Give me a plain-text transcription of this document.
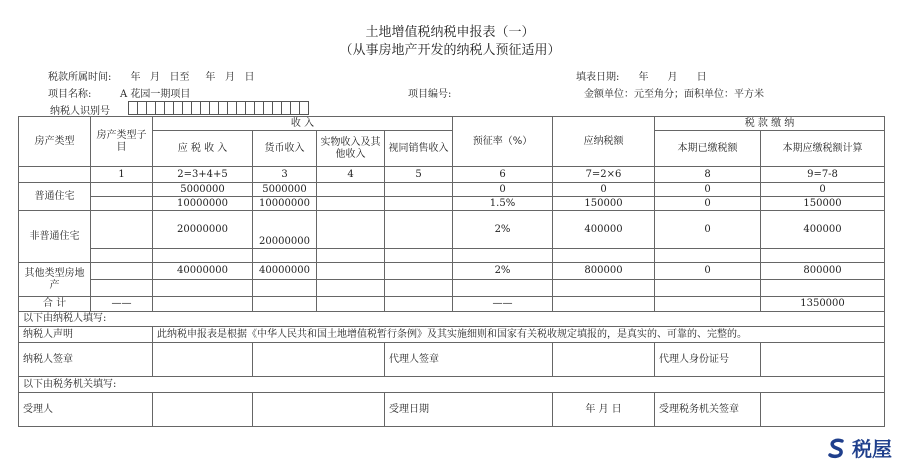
土地增值税纳税申报表（一）
（从事房地产开发的纳税人预征适用）
税款所属时间:      年   月   日至     年   月   日	填表日期:      年      月      日
项目名称:	A 花园一期项目	项目编号:	金额单位：元至角分；面积单位：平方米
纳税人识别号
房产类型	房产类型子目	收 入				预征率（%）	应纳税额	税 款 缴 纳	
		应 税 收 入	货币收入	实物收入及其他收入	视同销售收入			本期已缴税额	本期应缴税额计算
	1	2=3+4+5	3	4	5	6	7=2×6	8	9=7-8
普通住宅		5000000	5000000			0	0	0	0
		10000000	10000000			1.5%	150000	0	150000
非普通住宅		20000000	20000000			2%	400000	0	400000

其他类型房地产		40000000	40000000			2%	800000	0	800000

合 计	——					——			1350000
以下由纳税人填写:									
纳税人声明		此纳税申报表是根据《中华人民共和国土地增值税暂行条例》及其实施细则和国家有关税收规定填报的，是真实的、可靠的、完整的。							
纳税人签章					代理人签章			代理人身份证号	
以下由税务机关填写:									
受理人					受理日期		年 月 日	受理税务机关签章	
税屋
